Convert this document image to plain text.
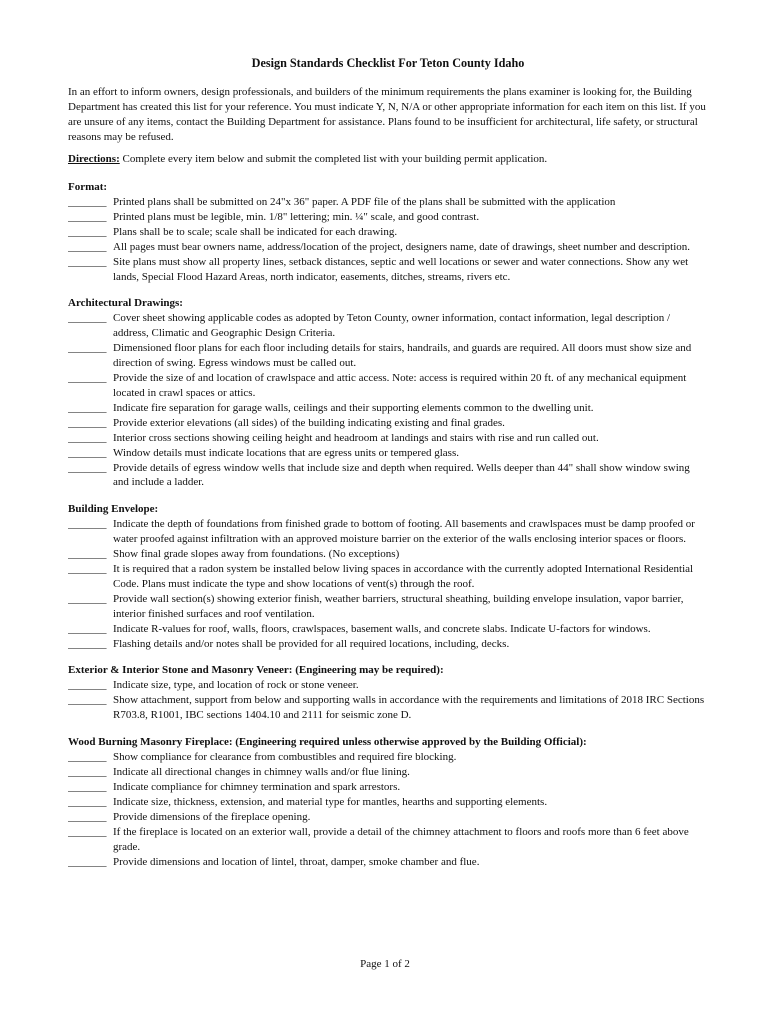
Design Standards Checklist For Teton County Idaho

In an effort to inform owners, design professionals, and builders of the minimum requirements the plans examiner is looking for, the Building Department has created this list for your reference. You must indicate Y, N, N/A or other appropriate information for each item on this list. If you are unsure of any items, contact the Building Department for assistance. Plans found to be insufficient for architectural, life safety, or structural reasons may be refused.

Directions: Complete every item below and submit the completed list with your building permit application.

Format:
_______ Printed plans shall be submitted on 24"x 36" paper. A PDF file of the plans shall be submitted with the application
_______ Printed plans must be legible, min. 1/8" lettering; min. ¼" scale, and good contrast.
_______ Plans shall be to scale; scale shall be indicated for each drawing.
_______ All pages must bear owners name, address/location of the project, designers name, date of drawings, sheet number and description.
_______ Site plans must show all property lines, setback distances, septic and well locations or sewer and water connections. Show any wet lands, Special Flood Hazard Areas, north indicator, easements, ditches, streams, rivers etc.
Architectural Drawings:
_______ Cover sheet showing applicable codes as adopted by Teton County, owner information, contact information, legal description / address, Climatic and Geographic Design Criteria.
_______ Dimensioned floor plans for each floor including details for stairs, handrails, and guards are required. All doors must show size and direction of swing. Egress windows must be called out.
_______ Provide the size of and location of crawlspace and attic access. Note: access is required within 20 ft. of any mechanical equipment located in crawl spaces or attics.
_______ Indicate fire separation for garage walls, ceilings and their supporting elements common to the dwelling unit.
_______ Provide exterior elevations (all sides) of the building indicating existing and final grades.
_______ Interior cross sections showing ceiling height and headroom at landings and stairs with rise and run called out.
_______ Window details must indicate locations that are egress units or tempered glass.
_______ Provide details of egress window wells that include size and depth when required. Wells deeper than 44" shall show window swing and include a ladder.
Building Envelope:
_______ Indicate the depth of foundations from finished grade to bottom of footing. All basements and crawlspaces must be damp proofed or water proofed against infiltration with an approved moisture barrier on the exterior of the walls enclosing interior spaces or floors.
_______ Show final grade slopes away from foundations. (No exceptions)
_______ It is required that a radon system be installed below living spaces in accordance with the currently adopted International Residential Code. Plans must indicate the type and show locations of vent(s) through the roof.
_______ Provide wall section(s) showing exterior finish, weather barriers, structural sheathing, building envelope insulation, vapor barrier, interior finished surfaces and roof ventilation.
_______ Indicate R-values for roof, walls, floors, crawlspaces, basement walls, and concrete slabs. Indicate U-factors for windows.
_______ Flashing details and/or notes shall be provided for all required locations, including, decks.
Exterior & Interior Stone and Masonry Veneer: (Engineering may be required):
_______ Indicate size, type, and location of rock or stone veneer.
_______ Show attachment, support from below and supporting walls in accordance with the requirements and limitations of 2018 IRC Sections R703.8, R1001, IBC sections 1404.10 and 2111 for seismic zone D.
Wood Burning Masonry Fireplace: (Engineering required unless otherwise approved by the Building Official):
_______ Show compliance for clearance from combustibles and required fire blocking.
_______ Indicate all directional changes in chimney walls and/or flue lining.
_______ Indicate compliance for chimney termination and spark arrestors.
_______ Indicate size, thickness, extension, and material type for mantles, hearths and supporting elements.
_______ Provide dimensions of the fireplace opening.
_______ If the fireplace is located on an exterior wall, provide a detail of the chimney attachment to floors and roofs more than 6 feet above grade.
_______ Provide dimensions and location of lintel, throat, damper, smoke chamber and flue.
Page 1 of 2
